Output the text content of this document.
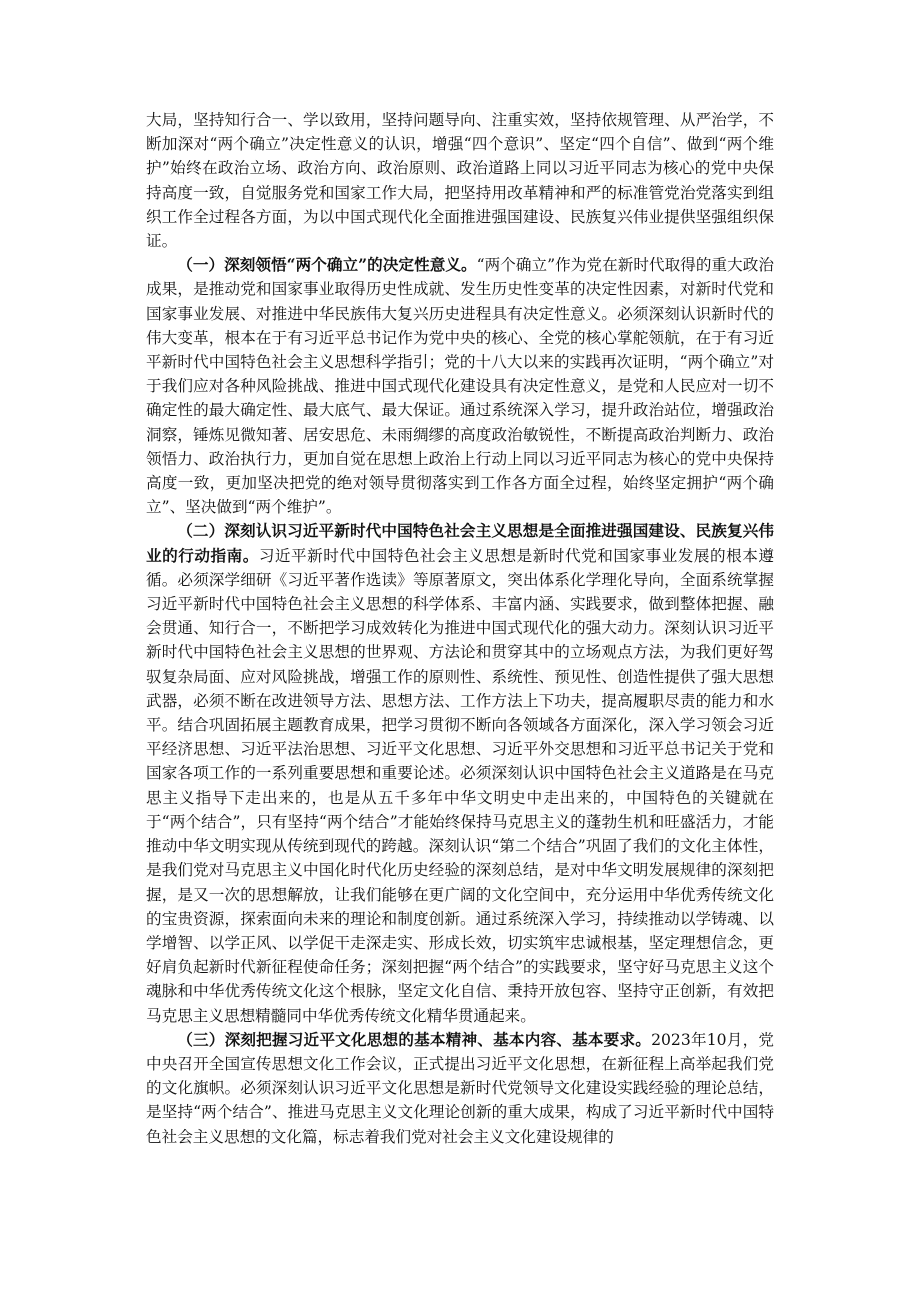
大局，坚持知行合一、学以致用，坚持问题导向、注重实效，坚持依规管理、从严治学，不断加深对“两个确立”决定性意义的认识，增强“四个意识”、坚定“四个自信”、做到“两个维护”始终在政治立场、政治方向、政治原则、政治道路上同以习近平同志为核心的党中央保持高度一致，自觉服务党和国家工作大局，把坚持用改革精神和严的标准管党治党落实到组织工作全过程各方面，为以中国式现代化全面推进强国建设、民族复兴伟业提供坚强组织保证。

（一）深刻领悟“两个确立”的决定性意义。“两个确立”作为党在新时代取得的重大政治成果，是推动党和国家事业取得历史性成就、发生历史性变革的决定性因素，对新时代党和国家事业发展、对推进中华民族伟大复兴历史进程具有决定性意义。必须深刻认识新时代的伟大变革，根本在于有习近平总书记作为党中央的核心、全党的核心掌舵领航，在于有习近平新时代中国特色社会主义思想科学指引；党的十八大以来的实践再次证明，“两个确立”对于我们应对各种风险挑战、推进中国式现代化建设具有决定性意义，是党和人民应对一切不确定性的最大确定性、最大底气、最大保证。通过系统深入学习，提升政治站位，增强政治洞察，锤炼见微知著、居安思危、未雨绸缪的高度政治敏锐性，不断提高政治判断力、政治领悟力、政治执行力，更加自觉在思想上政治上行动上同以习近平同志为核心的党中央保持高度一致，更加坚决把党的绝对领导贯彻落实到工作各方面全过程，始终坚定拥护“两个确立”、坚决做到“两个维护”。

（二）深刻认识习近平新时代中国特色社会主义思想是全面推进强国建设、民族复兴伟业的行动指南。习近平新时代中国特色社会主义思想是新时代党和国家事业发展的根本遵循。必须深学细研《习近平著作选读》等原著原文，突出体系化学理化导向，全面系统掌握习近平新时代中国特色社会主义思想的科学体系、丰富内涵、实践要求，做到整体把握、融会贯通、知行合一，不断把学习成效转化为推进中国式现代化的强大动力。深刻认识习近平新时代中国特色社会主义思想的世界观、方法论和贯穿其中的立场观点方法，为我们更好驾驭复杂局面、应对风险挑战，增强工作的原则性、系统性、预见性、创造性提供了强大思想武器，必须不断在改进领导方法、思想方法、工作方法上下功夫，提高履职尽责的能力和水平。结合巩固拓展主题教育成果，把学习贯彻不断向各领域各方面深化，深入学习领会习近平经济思想、习近平法治思想、习近平文化思想、习近平外交思想和习近平总书记关于党和国家各项工作的一系列重要思想和重要论述。必须深刻认识中国特色社会主义道路是在马克思主义指导下走出来的，也是从五千多年中华文明史中走出来的，中国特色的关键就在于“两个结合”，只有坚持“两个结合”才能始终保持马克思主义的蓬勃生机和旺盛活力，才能推动中华文明实现从传统到现代的跨越。深刻认识“第二个结合”巩固了我们的文化主体性，是我们党对马克思主义中国化时代化历史经验的深刻总结，是对中华文明发展规律的深刻把握，是又一次的思想解放，让我们能够在更广阔的文化空间中，充分运用中华优秀传统文化的宝贵资源，探索面向未来的理论和制度创新。通过系统深入学习，持续推动以学铸魂、以学增智、以学正风、以学促干走深走实、形成长效，切实筑牢忠诚根基，坚定理想信念，更好肩负起新时代新征程使命任务；深刻把握“两个结合”的实践要求，坚守好马克思主义这个魂脉和中华优秀传统文化这个根脉，坚定文化自信、秉持开放包容、坚持守正创新，有效把马克思主义思想精髓同中华优秀传统文化精华贯通起来。

（三）深刻把握习近平文化思想的基本精神、基本内容、基本要求。2023年10月，党中央召开全国宣传思想文化工作会议，正式提出习近平文化思想，在新征程上高举起我们党的文化旗帜。必须深刻认识习近平文化思想是新时代党领导文化建设实践经验的理论总结，是坚持“两个结合”、推进马克思主义文化理论创新的重大成果，构成了习近平新时代中国特色社会主义思想的文化篇，标志着我们党对社会主义文化建设规律的
